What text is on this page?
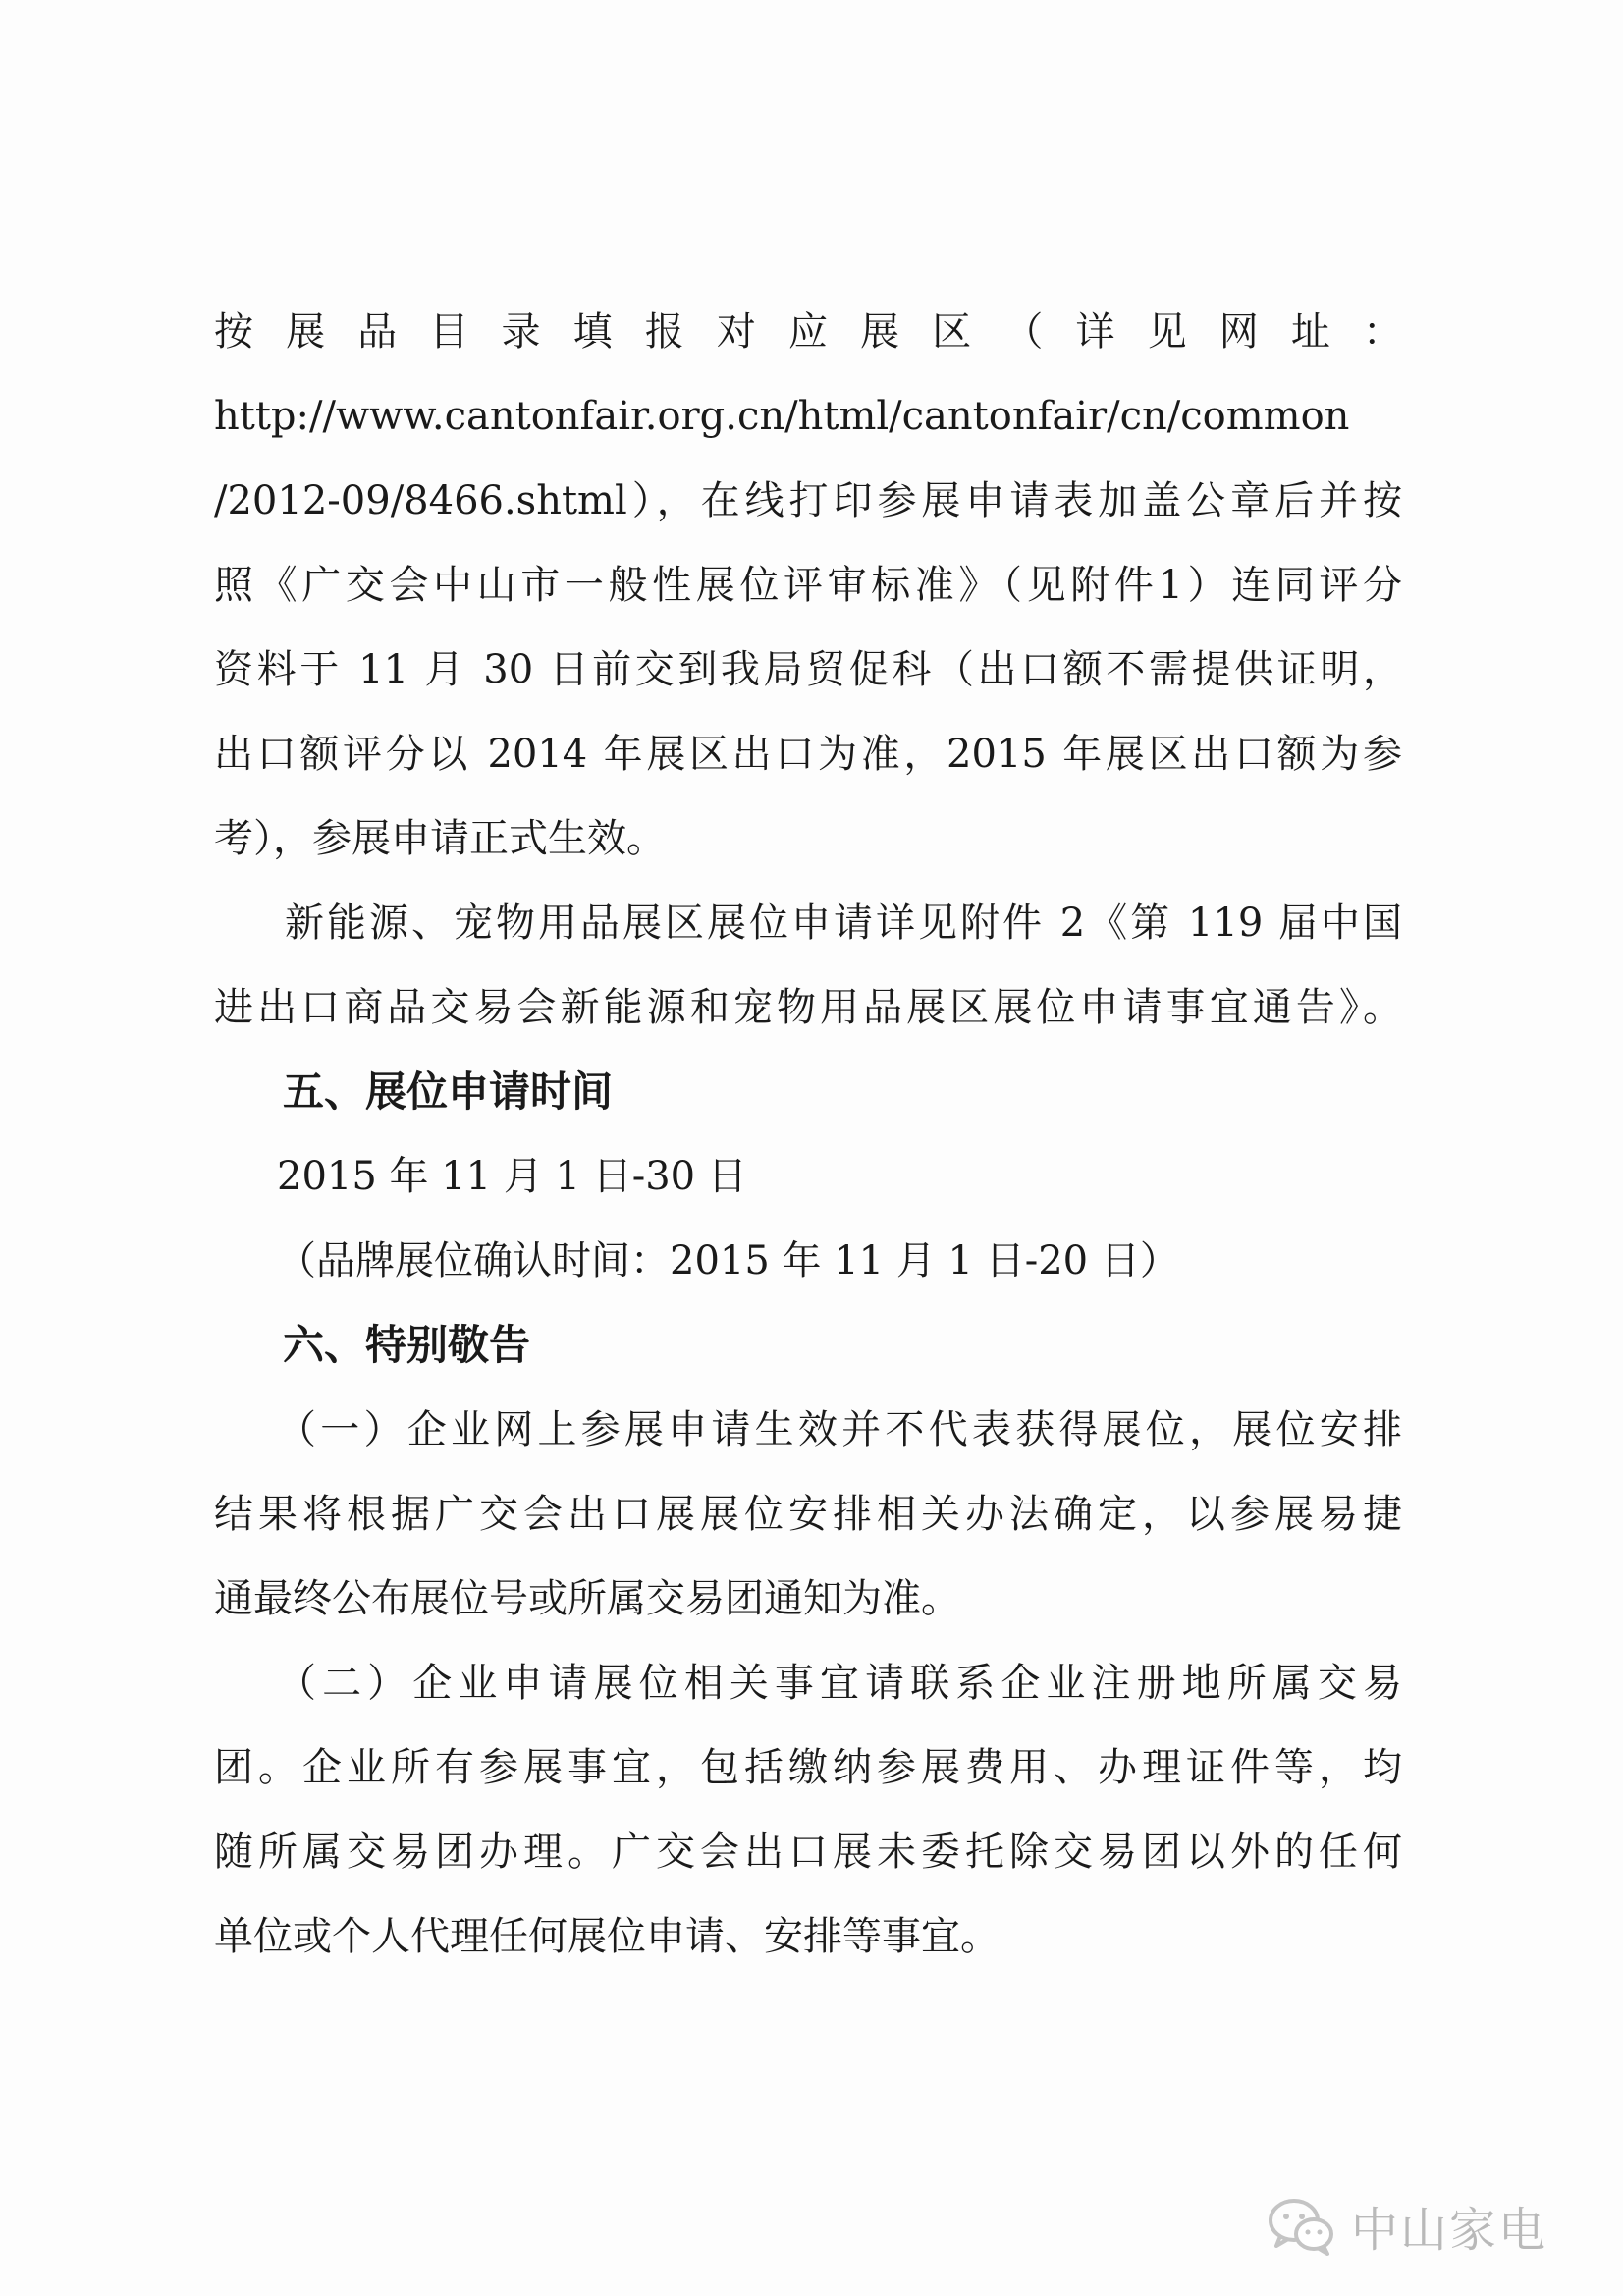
按展品目录填报对应展区（详见网址：
http://www.cantonfair.org.cn/html/cantonfair/cn/common
/2012-09/8466.shtml），在线打印参展申请表加盖公章后并按
照《广交会中山市一般性展位评审标准》（见附件1）连同评分
资料于 11 月 30 日前交到我局贸促科（出口额不需提供证明，
出口额评分以 2014 年展区出口为准，2015 年展区出口额为参
考），参展申请正式生效。
新能源、宠物用品展区展位申请详见附件 2《第 119 届中国
进出口商品交易会新能源和宠物用品展区展位申请事宜通告》。
五、展位申请时间
2015 年 11 月 1 日-30 日
（品牌展位确认时间：2015 年 11 月 1 日-20 日）
六、特别敬告
（一）企业网上参展申请生效并不代表获得展位，展位安排
结果将根据广交会出口展展位安排相关办法确定，以参展易捷
通最终公布展位号或所属交易团通知为准。
（二）企业申请展位相关事宜请联系企业注册地所属交易
团。企业所有参展事宜，包括缴纳参展费用、办理证件等，均
随所属交易团办理。广交会出口展未委托除交易团以外的任何
单位或个人代理任何展位申请、安排等事宜。
中山家电
